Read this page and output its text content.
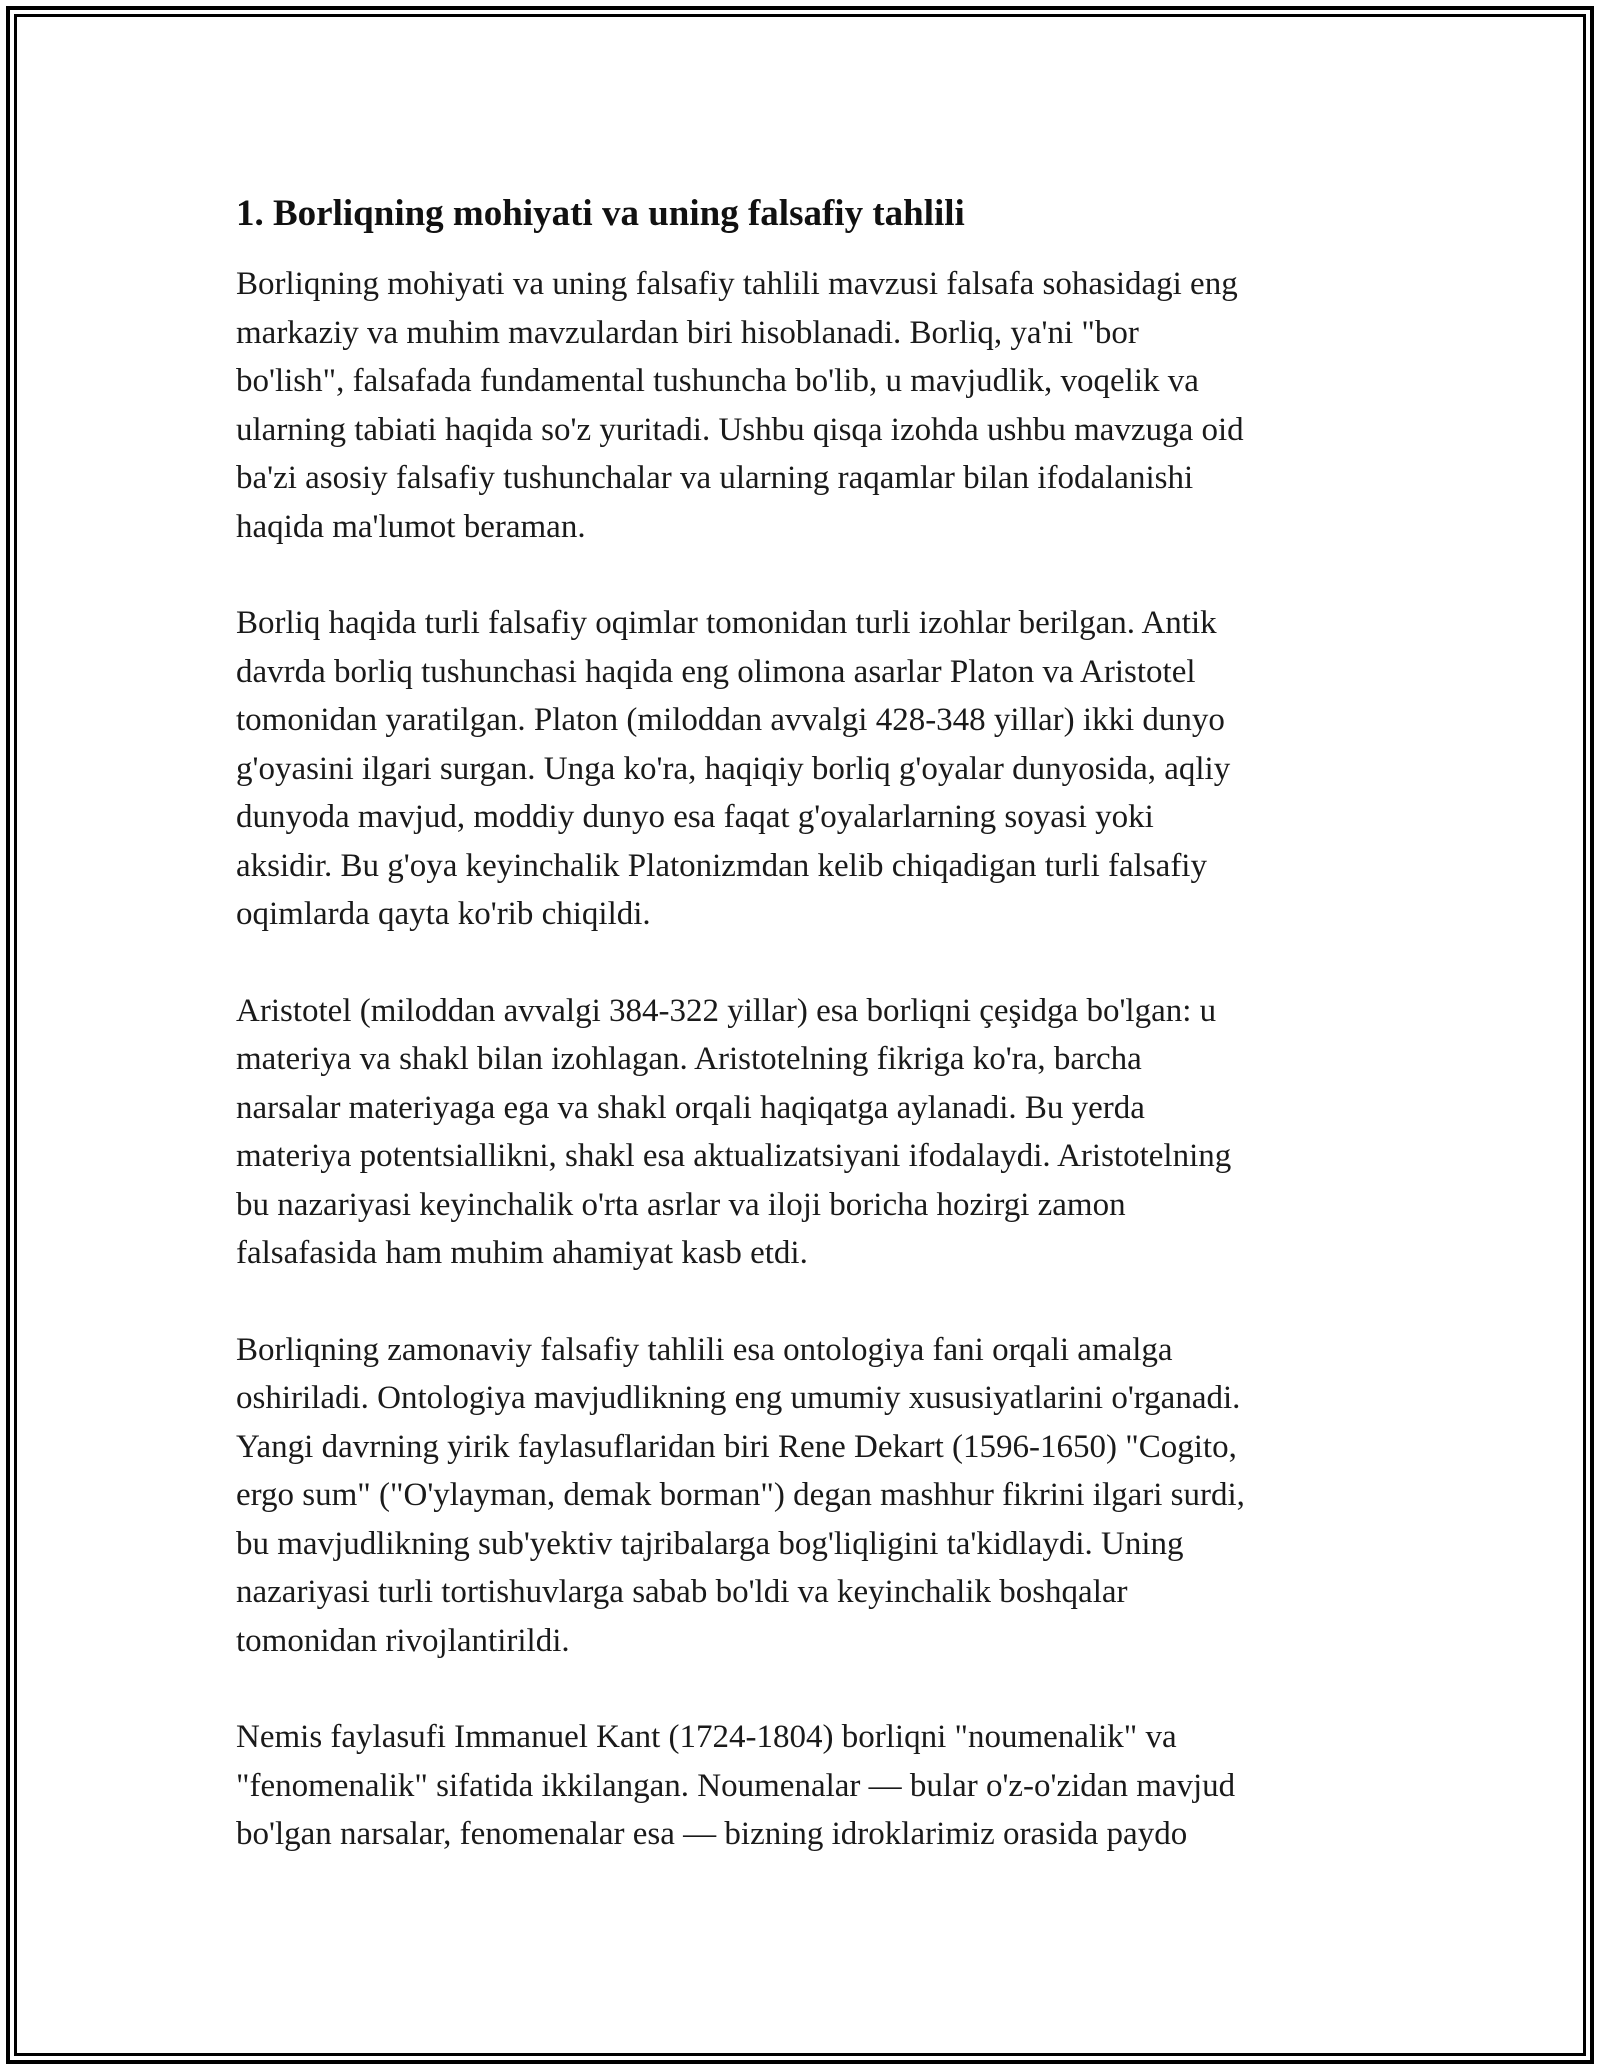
1. Borliqning mohiyati va uning falsafiy tahlili

Borliqning mohiyati va uning falsafiy tahlili mavzusi falsafa sohasidagi eng
markaziy va muhim mavzulardan biri hisoblanadi. Borliq, ya'ni "bor
bo'lish", falsafada fundamental tushuncha bo'lib, u mavjudlik, voqelik va
ularning tabiati haqida so'z yuritadi. Ushbu qisqa izohda ushbu mavzuga oid
ba'zi asosiy falsafiy tushunchalar va ularning raqamlar bilan ifodalanishi
haqida ma'lumot beraman.

Borliq haqida turli falsafiy oqimlar tomonidan turli izohlar berilgan. Antik
davrda borliq tushunchasi haqida eng olimona asarlar Platon va Aristotel
tomonidan yaratilgan. Platon (miloddan avvalgi 428-348 yillar) ikki dunyo
g'oyasini ilgari surgan. Unga ko'ra, haqiqiy borliq g'oyalar dunyosida, aqliy
dunyoda mavjud, moddiy dunyo esa faqat g'oyalarlarning soyasi yoki
aksidir. Bu g'oya keyinchalik Platonizmdan kelib chiqadigan turli falsafiy
oqimlarda qayta ko'rib chiqildi.

Aristotel (miloddan avvalgi 384-322 yillar) esa borliqni çeşidga bo'lgan: u
materiya va shakl bilan izohlagan. Aristotelning fikriga ko'ra, barcha
narsalar materiyaga ega va shakl orqali haqiqatga aylanadi. Bu yerda
materiya potentsiallikni, shakl esa aktualizatsiyani ifodalaydi. Aristotelning
bu nazariyasi keyinchalik o'rta asrlar va iloji boricha hozirgi zamon
falsafasida ham muhim ahamiyat kasb etdi.

Borliqning zamonaviy falsafiy tahlili esa ontologiya fani orqali amalga
oshiriladi. Ontologiya mavjudlikning eng umumiy xususiyatlarini o'rganadi.
Yangi davrning yirik faylasuflaridan biri Rene Dekart (1596-1650) "Cogito,
ergo sum" ("O'ylayman, demak borman") degan mashhur fikrini ilgari surdi,
bu mavjudlikning sub'yektiv tajribalarga bog'liqligini ta'kidlaydi. Uning
nazariyasi turli tortishuvlarga sabab bo'ldi va keyinchalik boshqalar
tomonidan rivojlantirildi.

Nemis faylasufi Immanuel Kant (1724-1804) borliqni "noumenalik" va
"fenomenalik" sifatida ikkilangan. Noumenalar — bular o'z-o'zidan mavjud
bo'lgan narsalar, fenomenalar esa — bizning idroklarimiz orasida paydo
